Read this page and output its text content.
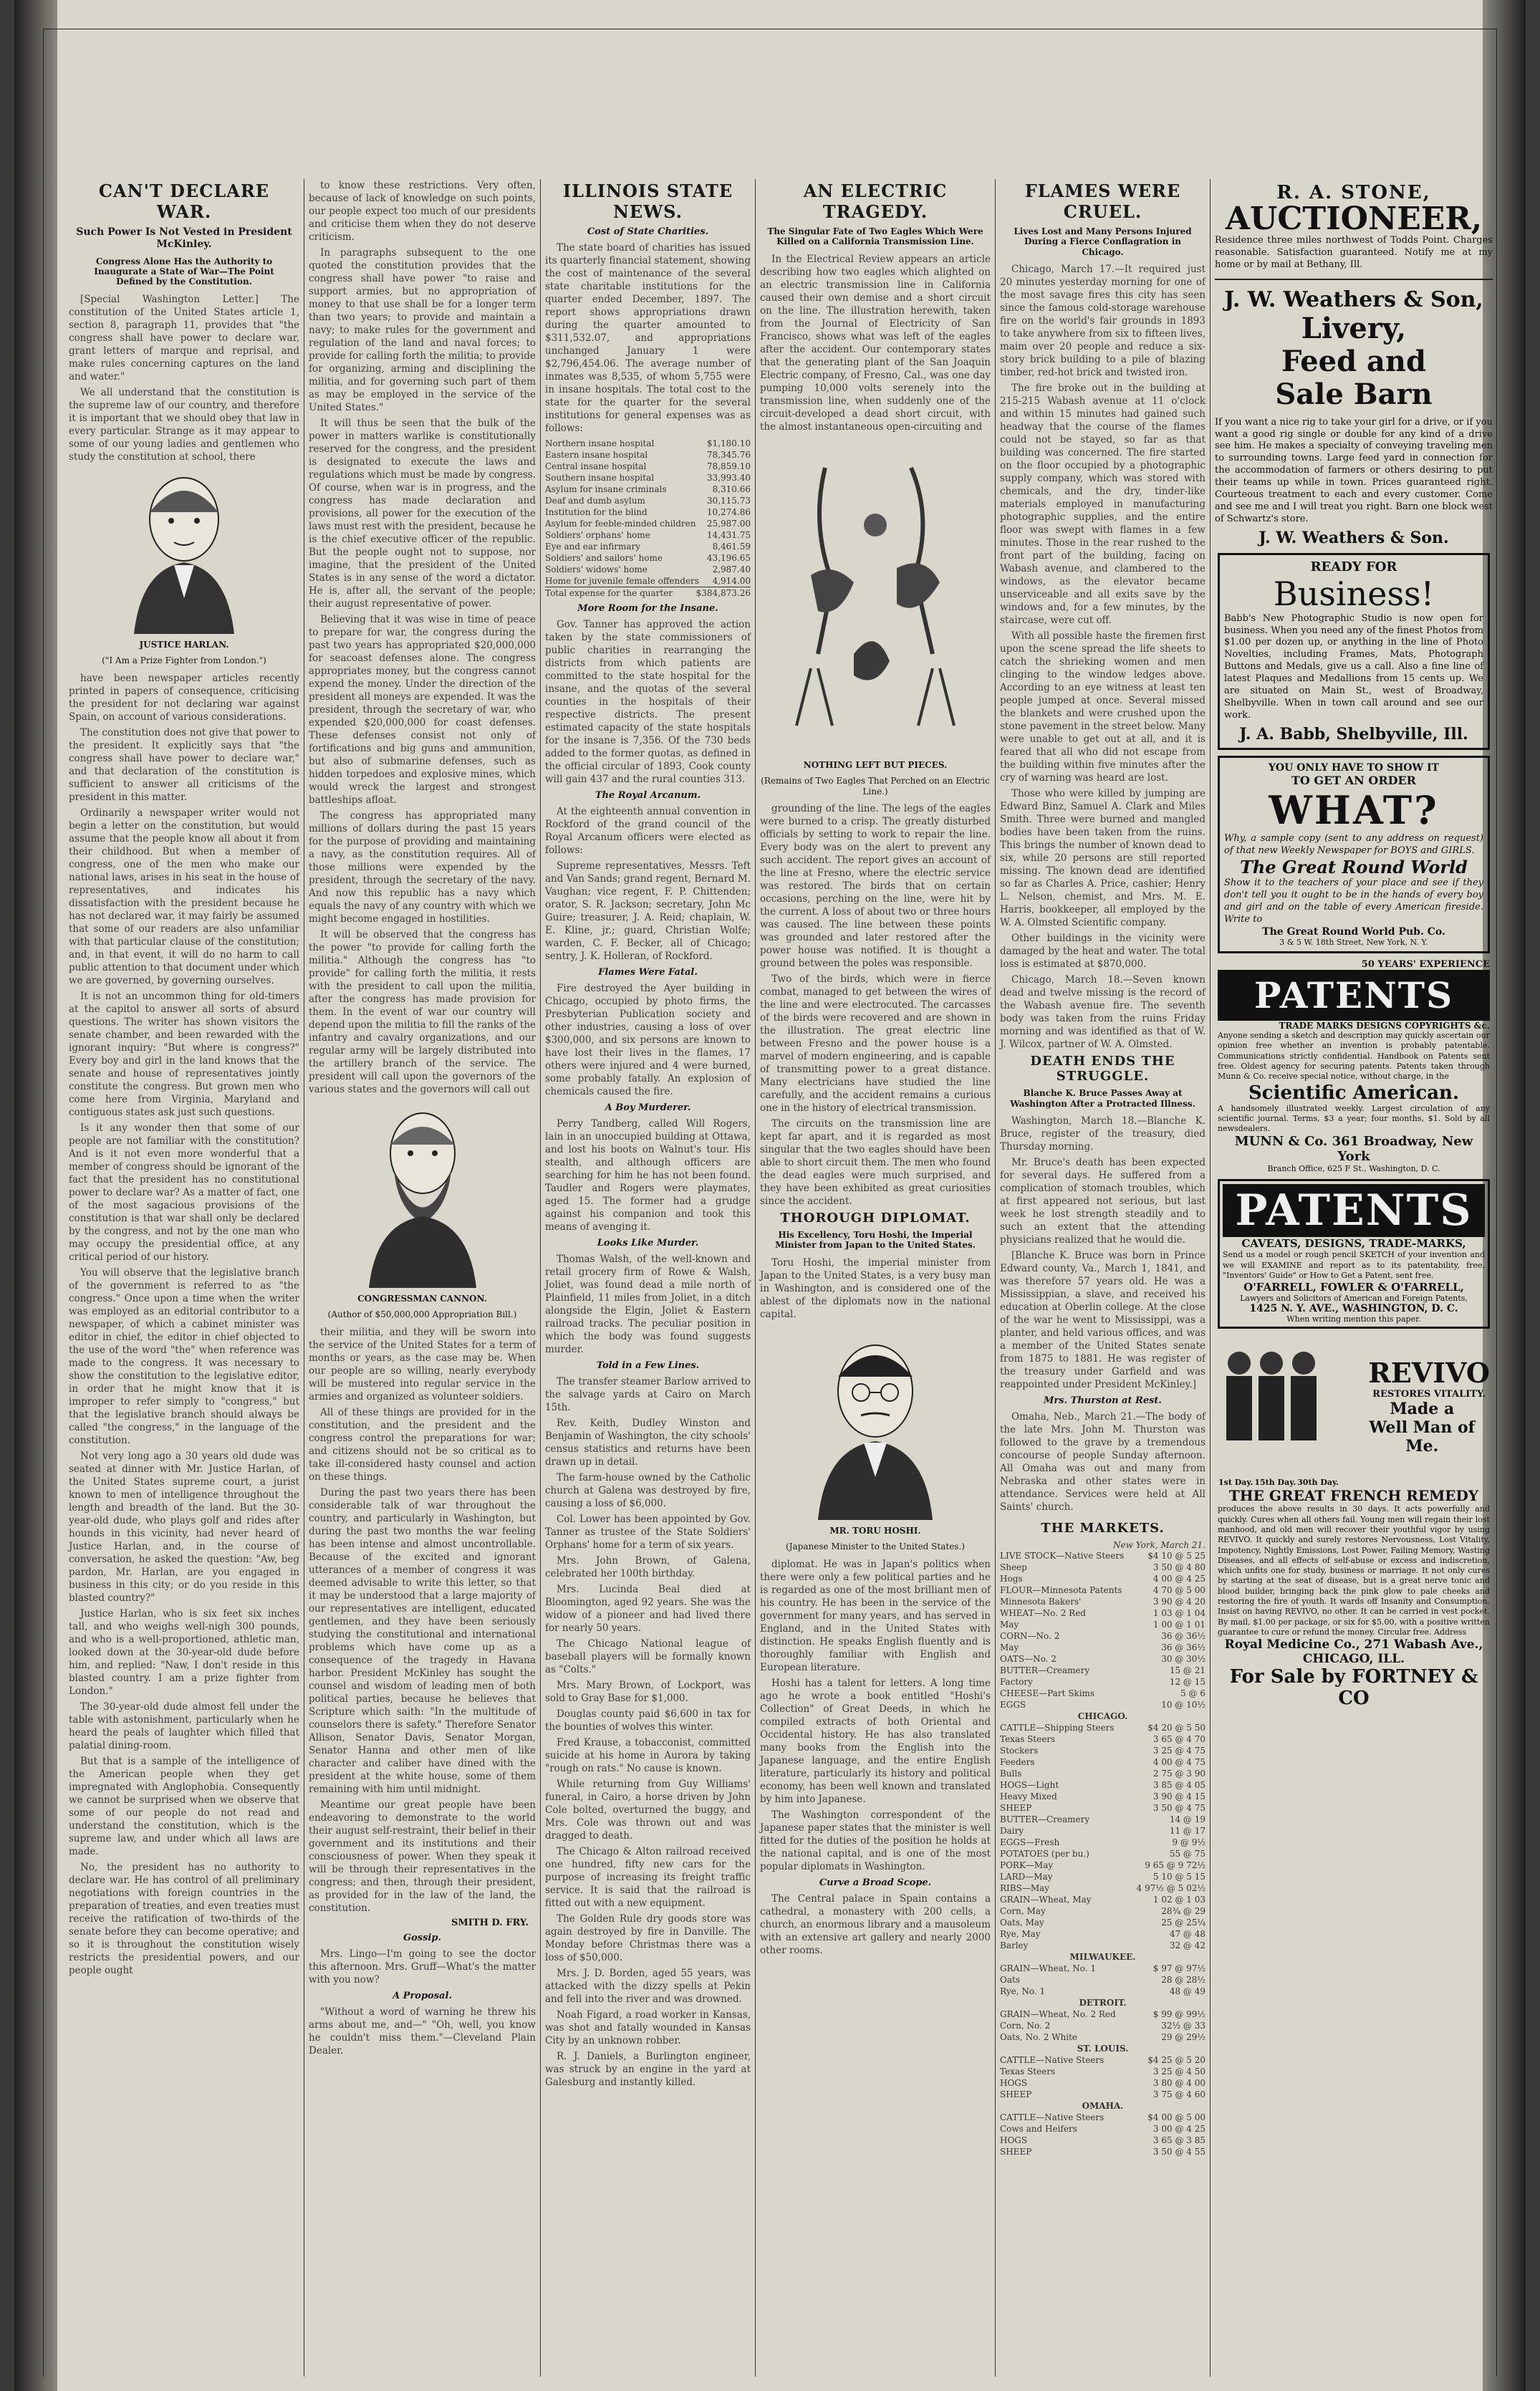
CAN'T DECLARE WAR.
Such Power Is Not Vested in President McKinley.
Congress Alone Has the Authority to Inaugurate a State of War—The Point Defined by the Constitution.

[Special Washington Letter.] The constitution of the United States article 1, section 8, paragraph 11, provides that "the congress shall have power to declare war, grant letters of marque and reprisal, and make rules concerning captures on the land and water."

We all understand that the constitution is the supreme law of our country, and therefore it is important that we should obey that law in every particular. Strange as it may appear to some of our young ladies and gentlemen who study the constitution at school, there

JUSTICE HARLAN.
("I Am a Prize Fighter from London.")

have been newspaper articles recently printed in papers of consequence, criticising the president for not declaring war against Spain, on account of various considerations.

The constitution does not give that power to the president. It explicitly says that "the congress shall have power to declare war," and that declaration of the constitution is sufficient to answer all criticisms of the president in this matter.

Ordinarily a newspaper writer would not begin a letter on the constitution, but would assume that the people know all about it from their childhood. But when a member of congress, one of the men who make our national laws, arises in his seat in the house of representatives, and indicates his dissatisfaction with the president because he has not declared war, it may fairly be assumed that some of our readers are also unfamiliar with that particular clause of the constitution; and, in that event, it will do no harm to call public attention to that document under which we are governed, by governing ourselves.

It is not an uncommon thing for old-timers at the capitol to answer all sorts of absurd questions. The writer has shown visitors the senate chamber, and been rewarded with the ignorant inquiry: "But where is congress?" Every boy and girl in the land knows that the senate and house of representatives jointly constitute the congress. But grown men who come here from Virginia, Maryland and contiguous states ask just such questions.

Is it any wonder then that some of our people are not familiar with the constitution? And is it not even more wonderful that a member of congress should be ignorant of the fact that the president has no constitutional power to declare war? As a matter of fact, one of the most sagacious provisions of the constitution is that war shall only be declared by the congress, and not by the one man who may occupy the presidential office, at any critical period of our history.

You will observe that the legislative branch of the government is referred to as "the congress." Once upon a time when the writer was employed as an editorial contributor to a newspaper, of which a cabinet minister was editor in chief, the editor in chief objected to the use of the word "the" when reference was made to the congress. It was necessary to show the constitution to the legislative editor, in order that he might know that it is improper to refer simply to "congress," but that the legislative branch should always be called "the congress," in the language of the constitution.

Not very long ago a 30 years old dude was seated at dinner with Mr. Justice Harlan, of the United States supreme court, a jurist known to men of intelligence throughout the length and breadth of the land. But the 30-year-old dude, who plays golf and rides after hounds in this vicinity, had never heard of Justice Harlan, and, in the course of conversation, he asked the question: "Aw, beg pardon, Mr. Harlan, are you engaged in business in this city; or do you reside in this blasted country?"

Justice Harlan, who is six feet six inches tall, and who weighs well-nigh 300 pounds, and who is a well-proportioned, athletic man, looked down at the 30-year-old dude before him, and replied: "Naw, I don't reside in this blasted country. I am a prize fighter from London."

The 30-year-old dude almost fell under the table with astonishment, particularly when he heard the peals of laughter which filled that palatial dining-room.

But that is a sample of the intelligence of the American people when they get impregnated with Anglophobia. Consequently we cannot be surprised when we observe that some of our people do not read and understand the constitution, which is the supreme law, and under which all laws are made.

No, the president has no authority to declare war. He has control of all preliminary negotiations with foreign countries in the preparation of treaties, and even treaties must receive the ratification of two-thirds of the senate before they can become operative; and so it is throughout the constitution wisely restricts the presidential powers, and our people ought

to know these restrictions. Very often, because of lack of knowledge on such points, our people expect too much of our presidents and criticise them when they do not deserve criticism.

In paragraphs subsequent to the one quoted the constitution provides that the congress shall have power "to raise and support armies, but no appropriation of money to that use shall be for a longer term than two years; to provide and maintain a navy; to make rules for the government and regulation of the land and naval forces; to provide for calling forth the militia; to provide for organizing, arming and disciplining the militia, and for governing such part of them as may be employed in the service of the United States."

It will thus be seen that the bulk of the power in matters warlike is constitutionally reserved for the congress, and the president is designated to execute the laws and regulations which must be made by congress. Of course, when war is in progress, and the congress has made declaration and provisions, all power for the execution of the laws must rest with the president, because he is the chief executive officer of the republic. But the people ought not to suppose, nor imagine, that the president of the United States is in any sense of the word a dictator. He is, after all, the servant of the people; their august representative of power.

Believing that it was wise in time of peace to prepare for war, the congress during the past two years has appropriated $20,000,000 for seacoast defenses alone. The congress appropriates money, but the congress cannot expend the money. Under the direction of the president all moneys are expended. It was the president, through the secretary of war, who expended $20,000,000 for coast defenses. These defenses consist not only of fortifications and big guns and ammunition, but also of submarine defenses, such as hidden torpedoes and explosive mines, which would wreck the largest and strongest battleships afloat.

The congress has appropriated many millions of dollars during the past 15 years for the purpose of providing and maintaining a navy, as the constitution requires. All of those millions were expended by the president, through the secretary of the navy. And now this republic has a navy which equals the navy of any country with which we might become engaged in hostilities.

It will be observed that the congress has the power "to provide for calling forth the militia." Although the congress has "to provide" for calling forth the militia, it rests with the president to call upon the militia, after the congress has made provision for them. In the event of war our country will depend upon the militia to fill the ranks of the infantry and cavalry organizations, and our regular army will be largely distributed into the artillery branch of the service. The president will call upon the governors of the various states and the governors will call out

CONGRESSMAN CANNON.
(Author of $50,000,000 Appropriation Bill.)

their militia, and they will be sworn into the service of the United States for a term of months or years, as the case may be. When our people are so willing, nearly everybody will be mustered into regular service in the armies and organized as volunteer soldiers.

All of these things are provided for in the constitution, and the president and the congress control the preparations for war; and citizens should not be so critical as to take ill-considered hasty counsel and action on these things.

During the past two years there has been considerable talk of war throughout the country, and particularly in Washington, but during the past two months the war feeling has been intense and almost uncontrollable. Because of the excited and ignorant utterances of a member of congress it was deemed advisable to write this letter, so that it may be understood that a large majority of our representatives are intelligent, educated gentlemen, and they have been seriously studying the constitutional and international problems which have come up as a consequence of the tragedy in Havana harbor. President McKinley has sought the counsel and wisdom of leading men of both political parties, because he believes that Scripture which saith: "In the multitude of counselors there is safety." Therefore Senator Allison, Senator Davis, Senator Morgan, Senator Hanna and other men of like character and caliber have dined with the president at the white house, some of them remaining with him until midnight.

Meantime our great people have been endeavoring to demonstrate to the world their august self-restraint, their belief in their government and its institutions and their consciousness of power. When they speak it will be through their representatives in the congress; and then, through their president, as provided for in the law of the land, the constitution.

SMITH D. FRY.
Gossip.

Mrs. Lingo—I'm going to see the doctor this afternoon. Mrs. Gruff—What's the matter with you now?

A Proposal.

"Without a word of warning he threw his arms about me, and—" "Oh, well, you know he couldn't miss them."—Cleveland Plain Dealer.

ILLINOIS STATE NEWS.
Cost of State Charities.

The state board of charities has issued its quarterly financial statement, showing the cost of maintenance of the several state charitable institutions for the quarter ended December, 1897. The report shows appropriations drawn during the quarter amounted to $311,532.07, and appropriations unchanged January 1 were $2,796,454.06. The average number of inmates was 8,535, of whom 5,755 were in insane hospitals. The total cost to the state for the quarter for the several institutions for general expenses was as follows:

Northern insane hospital	$1,180.10
Eastern insane hospital	78,345.76
Central insane hospital	78,859.10
Southern insane hospital	33,993.40
Asylum for insane criminals	8,310.66
Deaf and dumb asylum	30,115.73
Institution for the blind	10,274.86
Asylum for feeble-minded children 25,987.00
Soldiers' orphans' home	14,431.75
Eye and ear infirmary	8,461.59
Soldiers' and sailors' home	43,196.65
Soldiers' widows' home	2,987.40
Home for juvenile female offenders 4,914.00
Total expense for the quarter	$384,873.26
More Room for the Insane.

Gov. Tanner has approved the action taken by the state commissioners of public charities in rearranging the districts from which patients are committed to the state hospital for the insane, and the quotas of the several counties in the hospitals of their respective districts. The present estimated capacity of the state hospitals for the insane is 7,356. Of the 730 beds added to the former quotas, as defined in the official circular of 1893, Cook county will gain 437 and the rural counties 313.

The Royal Arcanum.

At the eighteenth annual convention in Rockford of the grand council of the Royal Arcanum officers were elected as follows:

Supreme representatives, Messrs. Teft and Van Sands; grand regent, Bernard M. Vaughan; vice regent, F. P. Chittenden; orator, S. R. Jackson; secretary, John Mc Guire; treasurer, J. A. Reid; chaplain, W. E. Kline, jr.; guard, Christian Wolfe; warden, C. F. Becker, all of Chicago; sentry, J. K. Holleran, of Rockford.

Flames Were Fatal.

Fire destroyed the Ayer building in Chicago, occupied by photo firms, the Presbyterian Publication society and other industries, causing a loss of over $300,000, and six persons are known to have lost their lives in the flames, 17 others were injured and 4 were burned, some probably fatally. An explosion of chemicals caused the fire.

A Boy Murderer.

Perry Tandberg, called Will Rogers, lain in an unoccupied building at Ottawa, and lost his boots on Walnut's tour. His stealth, and although officers are searching for him he has not been found. Taudler and Rogers were playmates, aged 15. The former had a grudge against his companion and took this means of avenging it.

Looks Like Murder.

Thomas Walsh, of the well-known and retail grocery firm of Rowe & Walsh, Joliet, was found dead a mile north of Plainfield, 11 miles from Joliet, in a ditch alongside the Elgin, Joliet & Eastern railroad tracks. The peculiar position in which the body was found suggests murder.

Told in a Few Lines.

The transfer steamer Barlow arrived to the salvage yards at Cairo on March 15th.

Rev. Keith, Dudley Winston and Benjamin of Washington, the city schools' census statistics and returns have been drawn up in detail.

The farm-house owned by the Catholic church at Galena was destroyed by fire, causing a loss of $6,000.

Col. Lower has been appointed by Gov. Tanner as trustee of the State Soldiers' Orphans' home for a term of six years.

Mrs. John Brown, of Galena, celebrated her 100th birthday.

Mrs. Lucinda Beal died at Bloomington, aged 92 years. She was the widow of a pioneer and had lived there for nearly 50 years.

The Chicago National league of baseball players will be formally known as "Colts."

Mrs. Mary Brown, of Lockport, was sold to Gray Base for $1,000.

Douglas county paid $6,600 in tax for the bounties of wolves this winter.

Fred Krause, a tobacconist, committed suicide at his home in Aurora by taking "rough on rats." No cause is known.

While returning from Guy Williams' funeral, in Cairo, a horse driven by John Cole bolted, overturned the buggy, and Mrs. Cole was thrown out and was dragged to death.

The Chicago & Alton railroad received one hundred, fifty new cars for the purpose of increasing its freight traffic service. It is said that the railroad is fitted out with a new equipment.

The Golden Rule dry goods store was again destroyed by fire in Danville. The Monday before Christmas there was a loss of $50,000.

Mrs. J. D. Borden, aged 55 years, was attacked with the dizzy spells at Pekin and fell into the river and was drowned.

Noah Figard, a road worker in Kansas, was shot and fatally wounded in Kansas City by an unknown robber.

R. J. Daniels, a Burlington engineer, was struck by an engine in the yard at Galesburg and instantly killed.

AN ELECTRIC TRAGEDY.
The Singular Fate of Two Eagles Which Were Killed on a California Transmission Line.

In the Electrical Review appears an article describing how two eagles which alighted on an electric transmission line in California caused their own demise and a short circuit on the line. The illustration herewith, taken from the Journal of Electricity of San Francisco, shows what was left of the eagles after the accident. Our contemporary states that the generating plant of the San Joaquin Electric company, of Fresno, Cal., was one day pumping 10,000 volts serenely into the transmission line, when suddenly one of the circuit-developed a dead short circuit, with the almost instantaneous open-circuiting and

NOTHING LEFT BUT PIECES.
(Remains of Two Eagles That Perched on an Electric Line.)

grounding of the line. The legs of the eagles were burned to a crisp. The greatly disturbed officials by setting to work to repair the line. Every body was on the alert to prevent any such accident. The report gives an account of the line at Fresno, where the electric service was restored. The birds that on certain occasions, perching on the line, were hit by the current. A loss of about two or three hours was caused. The line between these points was grounded and later restored after the power house was notified. It is thought a ground between the poles was responsible.

Two of the birds, which were in fierce combat, managed to get between the wires of the line and were electrocuted. The carcasses of the birds were recovered and are shown in the illustration. The great electric line between Fresno and the power house is a marvel of modern engineering, and is capable of transmitting power to a great distance. Many electricians have studied the line carefully, and the accident remains a curious one in the history of electrical transmission.

The circuits on the transmission line are kept far apart, and it is regarded as most singular that the two eagles should have been able to short circuit them. The men who found the dead eagles were much surprised, and they have been exhibited as great curiosities since the accident.

THOROUGH DIPLOMAT.
His Excellency, Toru Hoshi, the Imperial Minister from Japan to the United States.

Toru Hoshi, the imperial minister from Japan to the United States, is a very busy man in Washington, and is considered one of the ablest of the diplomats now in the national capital.

MR. TORU HOSHI.
(Japanese Minister to the United States.)

diplomat. He was in Japan's politics when there were only a few political parties and he is regarded as one of the most brilliant men of his country. He has been in the service of the government for many years, and has served in England, and in the United States with distinction. He speaks English fluently and is thoroughly familiar with English and European literature.

Hoshi has a talent for letters. A long time ago he wrote a book entitled "Hoshi's Collection" of Great Deeds, in which he compiled extracts of both Oriental and Occidental history. He has also translated many books from the English into the Japanese language, and the entire English literature, particularly its history and political economy, has been well known and translated by him into Japanese.

The Washington correspondent of the Japanese paper states that the minister is well fitted for the duties of the position he holds at the national capital, and is one of the most popular diplomats in Washington.

Curve a Broad Scope.

The Central palace in Spain contains a cathedral, a monastery with 200 cells, a church, an enormous library and a mausoleum with an extensive art gallery and nearly 2000 other rooms.

FLAMES WERE CRUEL.
Lives Lost and Many Persons Injured During a Fierce Conflagration in Chicago.

Chicago, March 17.—It required just 20 minutes yesterday morning for one of the most savage fires this city has seen since the famous cold-storage warehouse fire on the world's fair grounds in 1893 to take anywhere from six to fifteen lives, maim over 20 people and reduce a six-story brick building to a pile of blazing timber, red-hot brick and twisted iron.

The fire broke out in the building at 215-215 Wabash avenue at 11 o'clock and within 15 minutes had gained such headway that the course of the flames could not be stayed, so far as that building was concerned. The fire started on the floor occupied by a photographic supply company, which was stored with chemicals, and the dry, tinder-like materials employed in manufacturing photographic supplies, and the entire floor was swept with flames in a few minutes. Those in the rear rushed to the front part of the building, facing on Wabash avenue, and clambered to the windows, as the elevator became unserviceable and all exits save by the windows and, for a few minutes, by the staircase, were cut off.

With all possible haste the firemen first upon the scene spread the life sheets to catch the shrieking women and men clinging to the window ledges above. According to an eye witness at least ten people jumped at once. Several missed the blankets and were crushed upon the stone pavement in the street below. Many were unable to get out at all, and it is feared that all who did not escape from the building within five minutes after the cry of warning was heard are lost.

Those who were killed by jumping are Edward Binz, Samuel A. Clark and Miles Smith. Three were burned and mangled bodies have been taken from the ruins. This brings the number of known dead to six, while 20 persons are still reported missing. The known dead are identified so far as Charles A. Price, cashier; Henry L. Nelson, chemist, and Mrs. M. E. Harris, bookkeeper, all employed by the W. A. Olmsted Scientific company.

Other buildings in the vicinity were damaged by the heat and water. The total loss is estimated at $870,000.

Chicago, March 18.—Seven known dead and twelve missing is the record of the Wabash avenue fire. The seventh body was taken from the ruins Friday morning and was identified as that of W. J. Wilcox, partner of W. A. Olmsted.

DEATH ENDS THE STRUGGLE.
Blanche K. Bruce Passes Away at Washington After a Protracted Illness.

Washington, March 18.—Blanche K. Bruce, register of the treasury, died Thursday morning.

Mr. Bruce's death has been expected for several days. He suffered from a complication of stomach troubles, which at first appeared not serious, but last week he lost strength steadily and to such an extent that the attending physicians realized that he would die.

[Blanche K. Bruce was born in Prince Edward county, Va., March 1, 1841, and was therefore 57 years old. He was a Mississippian, a slave, and received his education at Oberlin college. At the close of the war he went to Mississippi, was a planter, and held various offices, and was a member of the United States senate from 1875 to 1881. He was register of the treasury under Garfield and was reappointed under President McKinley.]

Mrs. Thurston at Rest.

Omaha, Neb., March 21.—The body of the late Mrs. John M. Thurston was followed to the grave by a tremendous concourse of people Sunday afternoon. All Omaha was out and many from Nebraska and other states were in attendance. Services were held at All Saints' church.

THE MARKETS.
New York, March 21.
LIVE STOCK—Native Steers	$4 10 @ 5 25
Sheep	3 50 @ 4 80
Hogs	4 00 @ 4 25
FLOUR—Minnesota Patents	4 70 @ 5 00
Minnesota Bakers'	3 90 @ 4 20
WHEAT—No. 2 Red	1 03 @ 1 04
May	1 00 @ 1 01
CORN—No. 2	36 @ 36½
May	36 @ 36½
OATS—No. 2	30 @ 30½
BUTTER—Creamery	15 @ 21
Factory	12 @ 15
CHEESE—Part Skims	5 @ 6
EGGS	10 @ 10½
CHICAGO.
CATTLE—Shipping Steers	$4 20 @ 5 50
Texas Steers	3 65 @ 4 70
Stockers	3 25 @ 4 75
Feeders	4 00 @ 4 75
Bulls	2 75 @ 3 90
HOGS—Light	3 85 @ 4 05
Heavy Mixed	3 90 @ 4 15
SHEEP	3 50 @ 4 75
BUTTER—Creamery	14 @ 19
Dairy	11 @ 17
EGGS—Fresh	9 @ 9½
POTATOES (per bu.)	55 @ 75
PORK—May	9 65 @ 9 72½
LARD—May	5 10 @ 5 15
RIBS—May	4 97½ @ 5 02½
GRAIN—Wheat, May	1 02 @ 1 03
Corn, May	28¾ @ 29
Oats, May	25 @ 25¼
Rye, May	47 @ 48
Barley	32 @ 42
MILWAUKEE.
GRAIN—Wheat, No. 1	$ 97 @ 97½
Oats	28 @ 28½
Rye, No. 1	48 @ 49
DETROIT.
GRAIN—Wheat, No. 2 Red	$ 99 @ 99½
Corn, No. 2	32½ @ 33
Oats, No. 2 White	29 @ 29½
ST. LOUIS.
CATTLE—Native Steers	$4 25 @ 5 20
Texas Steers	3 25 @ 4 50
HOGS	3 80 @ 4 00
SHEEP	3 75 @ 4 60
OMAHA.
CATTLE—Native Steers	$4 00 @ 5 00
Cows and Heifers	3 00 @ 4 25
HOGS	3 65 @ 3 85
SHEEP	3 50 @ 4 55
R. A. STONE,
AUCTIONEER,
Residence three miles northwest of Todds Point. Charges reasonable. Satisfaction guaranteed. Notify me at my home or by mail at Bethany, Ill.
J. W. Weathers & Son,
Livery,
Feed and
Sale Barn
If you want a nice rig to take your girl for a drive, or if you want a good rig single or double for any kind of a drive see him. He makes a specialty of conveying traveling men to surrounding towns. Large feed yard in connection for the accommodation of farmers or others desiring to put their teams up while in town. Prices guaranteed right. Courteous treatment to each and every customer. Come and see me and I will treat you right. Barn one block west of Schwartz's store.
J. W. Weathers & Son.
READY FOR
Business!
Babb's New Photographic Studio is now open for business. When you need any of the finest Photos from $1.00 per dozen up, or anything in the line of Photo Novelties, including Frames, Mats, Photograph Buttons and Medals, give us a call. Also a fine line of latest Plaques and Medallions from 15 cents up. We are situated on Main St., west of Broadway, Shelbyville. When in town call around and see our work.
J. A. Babb, Shelbyville, Ill.
YOU ONLY HAVE TO SHOW IT
TO GET AN ORDER
WHAT?
Why, a sample copy (sent to any address on request) of that new Weekly Newspaper for BOYS and GIRLS.
The Great Round World
Show it to the teachers of your place and see if they don't tell you it ought to be in the hands of every boy and girl and on the table of every American fireside. Write to
The Great Round World Pub. Co.
3 & 5 W. 18th Street, New York, N. Y.
50 YEARS' EXPERIENCE
PATENTS
TRADE MARKS DESIGNS COPYRIGHTS &c.
Anyone sending a sketch and description may quickly ascertain our opinion free whether an invention is probably patentable. Communications strictly confidential. Handbook on Patents sent free. Oldest agency for securing patents. Patents taken through Munn & Co. receive special notice, without charge, in the
Scientific American.
A handsomely illustrated weekly. Largest circulation of any scientific journal. Terms, $3 a year; four months, $1. Sold by all newsdealers.
MUNN & Co. 361 Broadway, New York
Branch Office, 625 F St., Washington, D. C.
PATENTS
CAVEATS, DESIGNS, TRADE-MARKS,
Send us a model or rough pencil SKETCH of your invention and we will EXAMINE and report as to its patentability, free. "Inventors' Guide" or How to Get a Patent, sent free.
O'FARRELL, FOWLER & O'FARRELL,
Lawyers and Solicitors of American and Foreign Patents,
1425 N. Y. AVE., WASHINGTON, D. C.
When writing mention this paper.
REVIVO
RESTORES VITALITY.
Made a Well Man of Me.
1st Day. 15th Day. 30th Day.
THE GREAT FRENCH REMEDY
produces the above results in 30 days. It acts powerfully and quickly. Cures when all others fail. Young men will regain their lost manhood, and old men will recover their youthful vigor by using REVIVO. It quickly and surely restores Nervousness, Lost Vitality, Impotency, Nightly Emissions, Lost Power, Failing Memory, Wasting Diseases, and all effects of self-abuse or excess and indiscretion, which unfits one for study, business or marriage. It not only cures by starting at the seat of disease, but is a great nerve tonic and blood builder, bringing back the pink glow to pale cheeks and restoring the fire of youth. It wards off Insanity and Consumption. Insist on having REVIVO, no other. It can be carried in vest pocket. By mail, $1.00 per package, or six for $5.00, with a positive written guarantee to cure or refund the money. Circular free. Address
Royal Medicine Co., 271 Wabash Ave., CHICAGO, ILL.
For Sale by FORTNEY & CO
